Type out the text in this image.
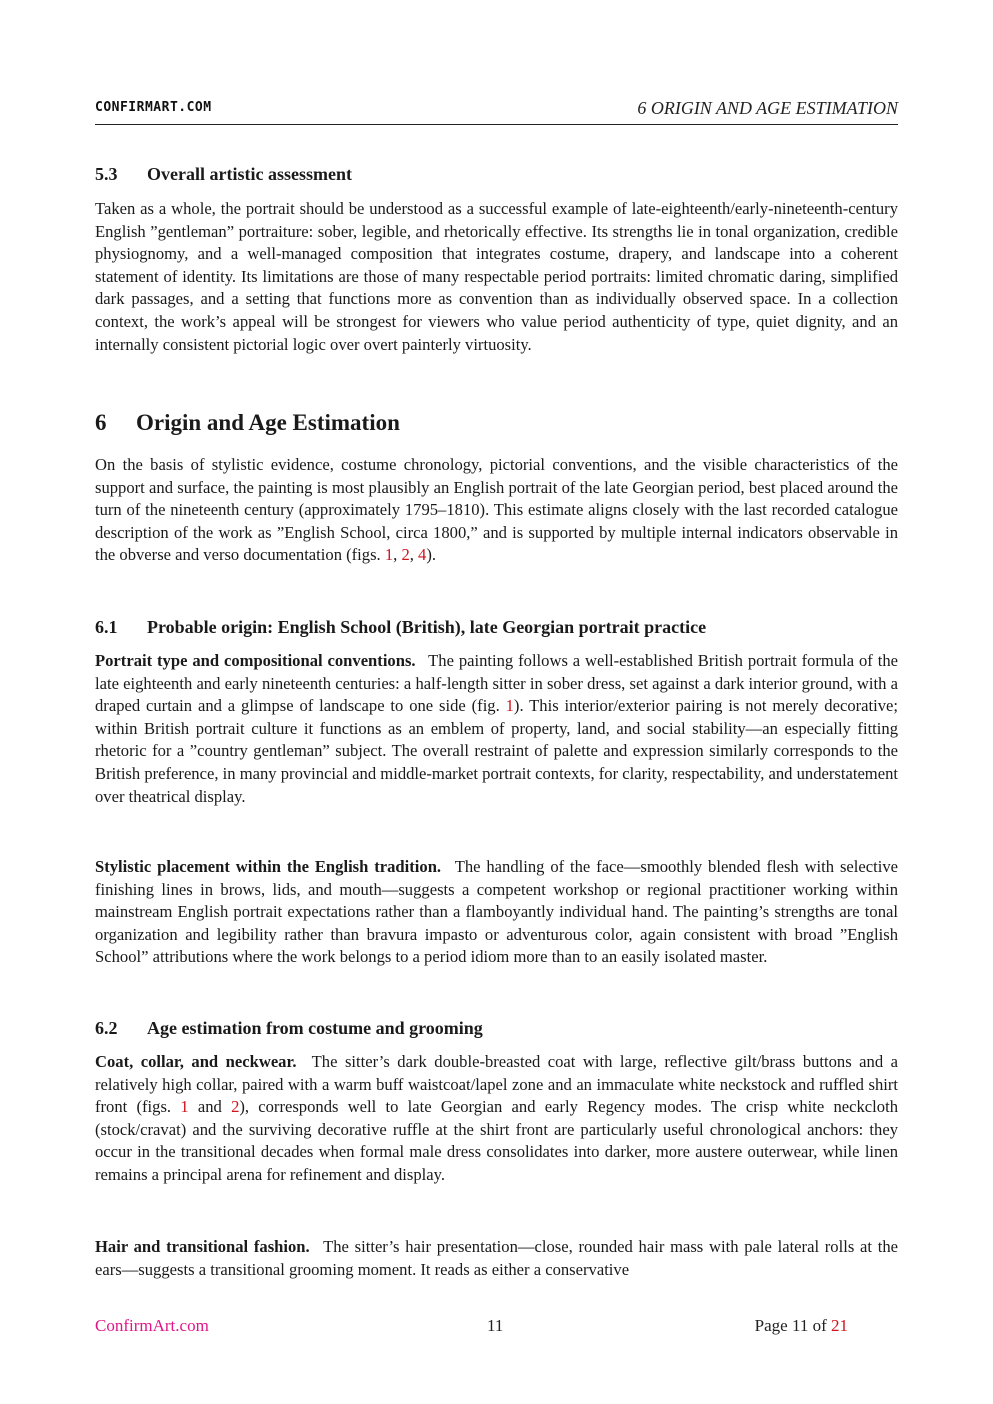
CONFIRMART.COM	6 ORIGIN AND AGE ESTIMATION
5.3 Overall artistic assessment

Taken as a whole, the portrait should be understood as a successful example of late-eighteenth/early-nineteenth-century English ”gentleman” portraiture: sober, legible, and rhetorically effective. Its strengths lie in tonal organization, credible physiognomy, and a well-managed composition that integrates costume, drapery, and landscape into a coherent statement of identity. Its limitations are those of many respectable period portraits: limited chromatic daring, simplified dark passages, and a setting that functions more as convention than as individually observed space. In a collection context, the work’s appeal will be strongest for viewers who value period authenticity of type, quiet dignity, and an internally consistent pictorial logic over overt painterly virtuosity.

6 Origin and Age Estimation

On the basis of stylistic evidence, costume chronology, pictorial conventions, and the visible characteristics of the support and surface, the painting is most plausibly an English portrait of the late Georgian period, best placed around the turn of the nineteenth century (approximately 1795–1810). This estimate aligns closely with the last recorded catalogue description of the work as ”English School, circa 1800,” and is supported by multiple internal indicators observable in the obverse and verso documentation (figs. 1, 2, 4).

6.1 Probable origin: English School (British), late Georgian portrait practice

Portrait type and compositional conventions. The painting follows a well-established British portrait formula of the late eighteenth and early nineteenth centuries: a half-length sitter in sober dress, set against a dark interior ground, with a draped curtain and a glimpse of landscape to one side (fig. 1). This interior/exterior pairing is not merely decorative; within British portrait culture it functions as an emblem of property, land, and social stability—an especially fitting rhetoric for a ”country gentleman” subject. The overall restraint of palette and expression similarly corresponds to the British preference, in many provincial and middle-market portrait contexts, for clarity, respectability, and understatement over theatrical display.

Stylistic placement within the English tradition. The handling of the face—smoothly blended flesh with selective finishing lines in brows, lids, and mouth—suggests a competent workshop or regional practitioner working within mainstream English portrait expectations rather than a flamboyantly individual hand. The painting’s strengths are tonal organization and legibility rather than bravura impasto or adventurous color, again consistent with broad ”English School” attributions where the work belongs to a period idiom more than to an easily isolated master.

6.2 Age estimation from costume and grooming

Coat, collar, and neckwear. The sitter’s dark double-breasted coat with large, reflective gilt/brass buttons and a relatively high collar, paired with a warm buff waistcoat/lapel zone and an immaculate white neckstock and ruffled shirt front (figs. 1 and 2), corresponds well to late Georgian and early Regency modes. The crisp white neckcloth (stock/cravat) and the surviving decorative ruffle at the shirt front are particularly useful chronological anchors: they occur in the transitional decades when formal male dress consolidates into darker, more austere outerwear, while linen remains a principal arena for refinement and display.

Hair and transitional fashion. The sitter’s hair presentation—close, rounded hair mass with pale lateral rolls at the ears—suggests a transitional grooming moment. It reads as either a conservative

ConfirmArt.com	11	Page 11 of 21
